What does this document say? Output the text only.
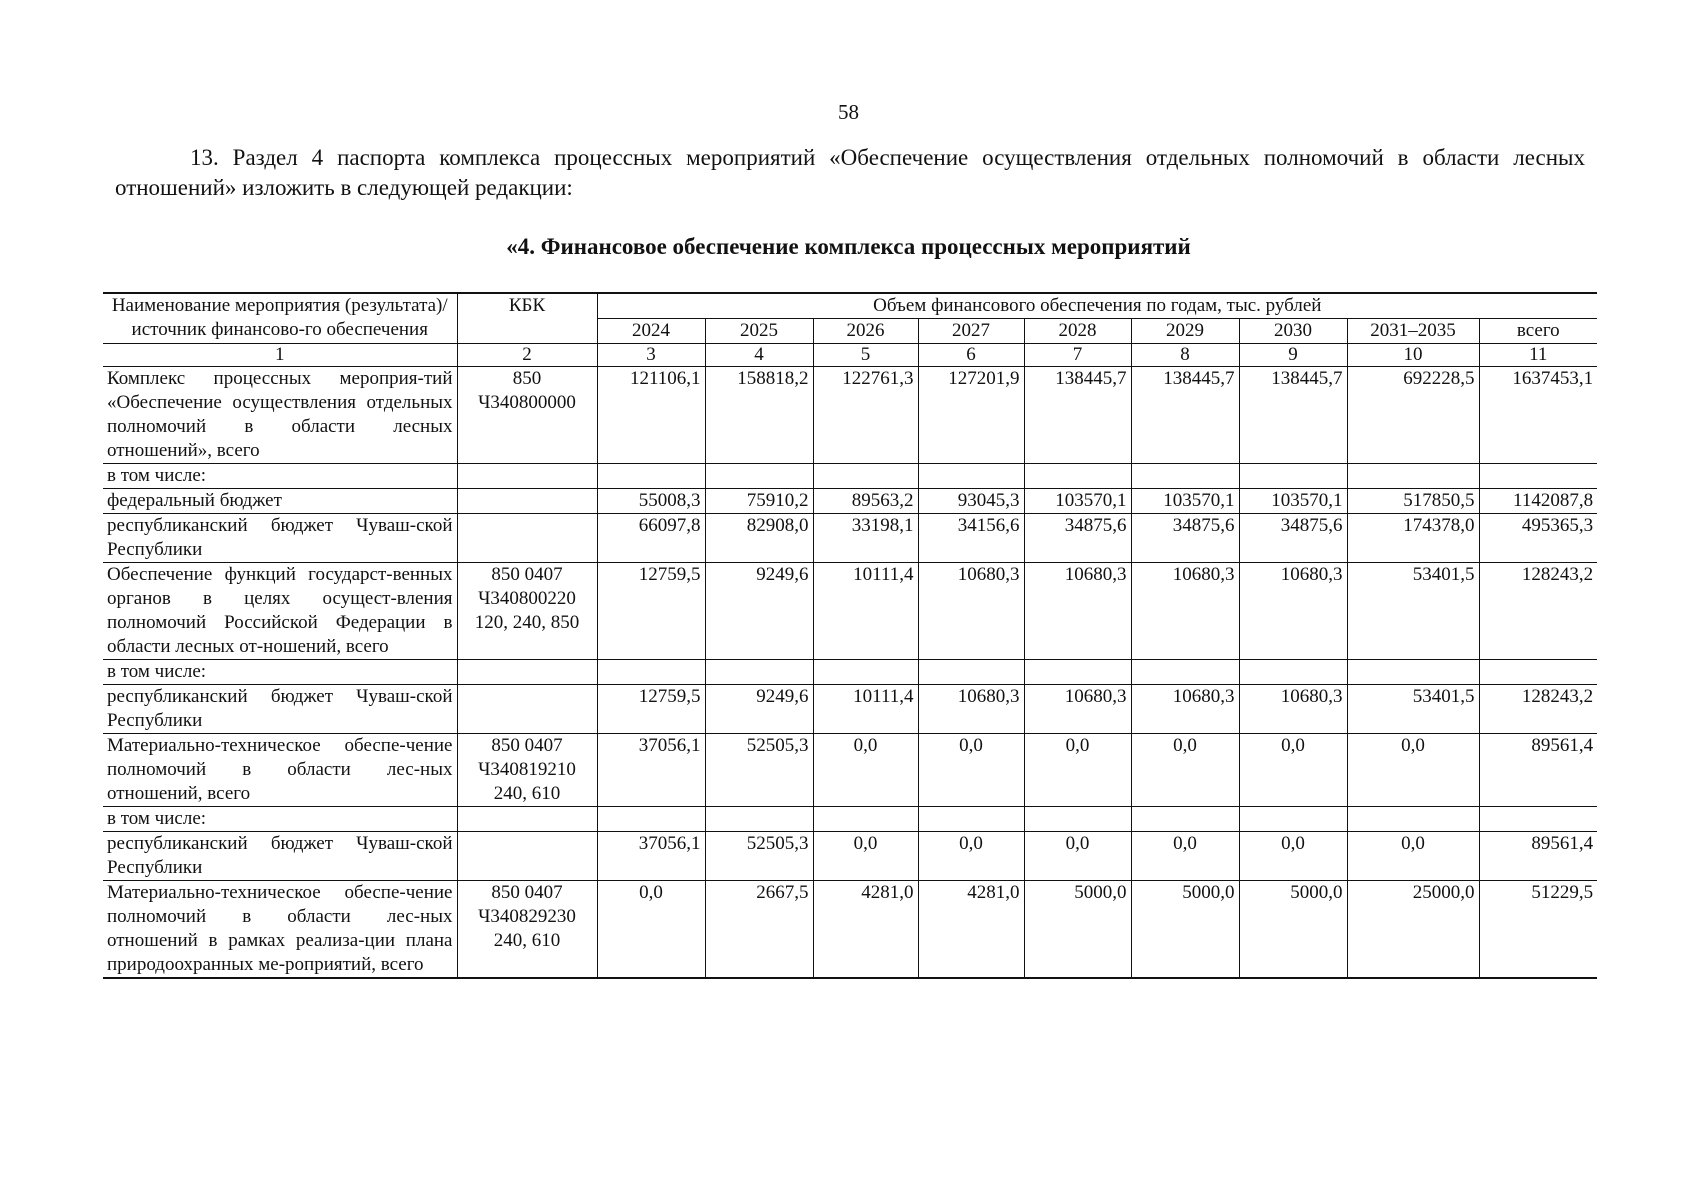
58
13. Раздел 4 паспорта комплекса процессных мероприятий «Обеспечение осуществления отдельных полномочий в области лесных отношений» изложить в следующей редакции:
«4. Финансовое обеспечение комплекса процессных мероприятий
Наименование мероприятия (результата)/источник финансово-го обеспечения	КБК	Объем финансового обеспечения по годам, тыс. рублей								
		2024	2025	2026	2027	2028	2029	2030	2031–2035	всего
1	2	3	4	5	6	7	8	9	10	11
Комплекс процессных мероприя-тий «Обеспечение осуществления отдельных полномочий в области лесных отношений», всего	850 Ч340800000	121106,1	158818,2	122761,3	127201,9	138445,7	138445,7	138445,7	692228,5	1637453,1
в том числе:										
федеральный бюджет		55008,3	75910,2	89563,2	93045,3	103570,1	103570,1	103570,1	517850,5	1142087,8
республиканский бюджет Чуваш-ской Республики		66097,8	82908,0	33198,1	34156,6	34875,6	34875,6	34875,6	174378,0	495365,3
Обеспечение функций государст-венных органов в целях осущест-вления полномочий Российской Федерации в области лесных от-ношений, всего	850 0407 Ч340800220 120, 240, 850	12759,5	9249,6	10111,4	10680,3	10680,3	10680,3	10680,3	53401,5	128243,2
в том числе:										
республиканский бюджет Чуваш-ской Республики		12759,5	9249,6	10111,4	10680,3	10680,3	10680,3	10680,3	53401,5	128243,2
Материально-техническое обеспе-чение полномочий в области лес-ных отношений, всего	850 0407 Ч340819210 240, 610	37056,1	52505,3	0,0	0,0	0,0	0,0	0,0	0,0	89561,4
в том числе:										
республиканский бюджет Чуваш-ской Республики		37056,1	52505,3	0,0	0,0	0,0	0,0	0,0	0,0	89561,4
Материально-техническое обеспе-чение полномочий в области лес-ных отношений в рамках реализа-ции плана природоохранных ме-роприятий, всего	850 0407 Ч340829230 240, 610	0,0	2667,5	4281,0	4281,0	5000,0	5000,0	5000,0	25000,0	51229,5
